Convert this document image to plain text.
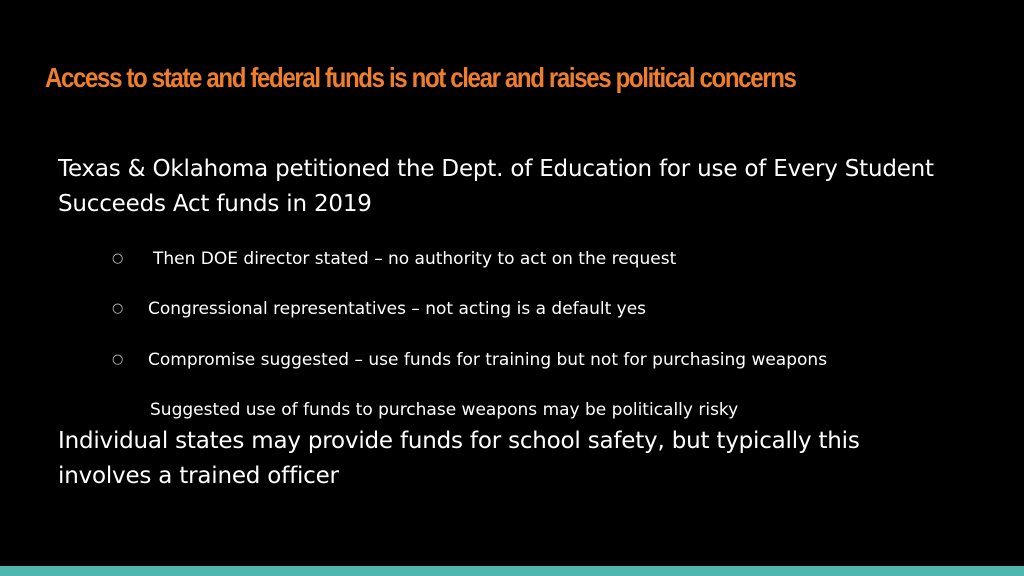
Access to state and federal funds is not clear and raises political concerns

Texas & Oklahoma petitioned the Dept. of Education for use of Every Student Succeeds Act funds in 2019

○ Then DOE director stated – no authority to act on the request
○ Congressional representatives – not acting is a default yes
○ Compromise suggested – use funds for training but not for purchasing weapons
Suggested use of funds to purchase weapons may be politically risky

Individual states may provide funds for school safety, but typically this involves a trained officer
